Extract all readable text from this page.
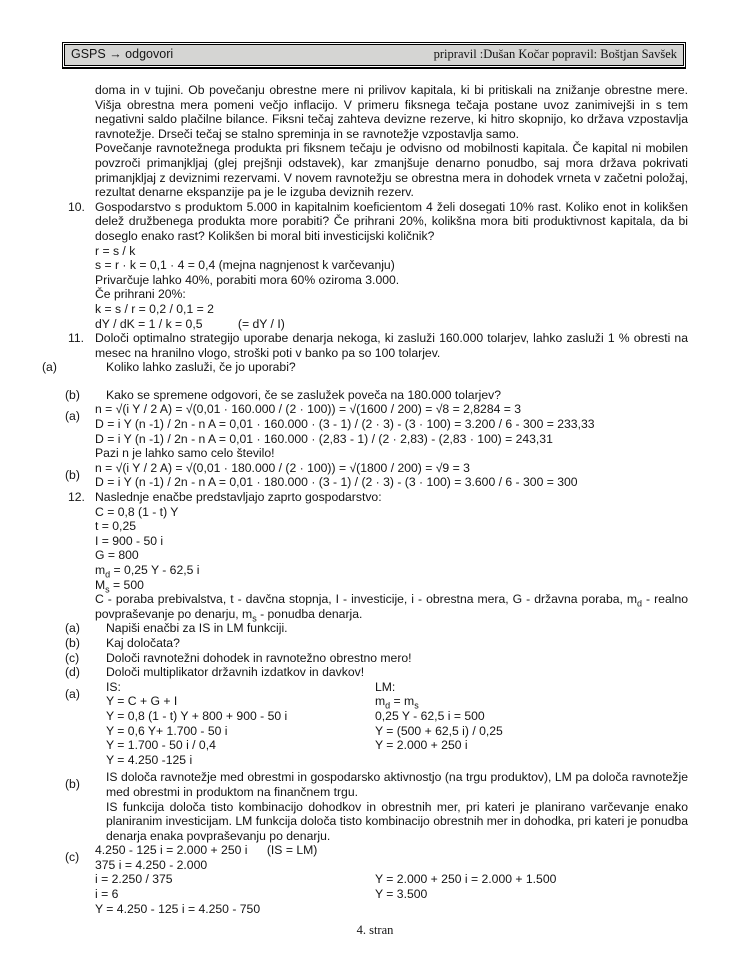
GSPS → odgovori	pripravil :Dušan Kočar popravil: Boštjan Savšek
doma in v tujini. Ob povečanju obrestne mere ni prilivov kapitala, ki bi pritiskali na znižanje obrestne mere. Višja obrestna mera pomeni večjo inflacijo. V primeru fiksnega tečaja postane uvoz zanimivejši in s tem negativni saldo plačilne bilance. Fiksni tečaj zahteva devizne rezerve, ki hitro skopnijo, ko država vzpostavlja ravnotežje. Drseči tečaj se stalno spreminja in se ravnotežje vzpostavlja samo.
Povečanje ravnotežnega produkta pri fiksnem tečaju je odvisno od mobilnosti kapitala. Če kapital ni mobilen povzroči primanjkljaj (glej prejšnji odstavek), kar zmanjšuje denarno ponudbo, saj mora država pokrivati primanjkljaj z deviznimi rezervami. V novem ravnotežju se obrestna mera in dohodek vrneta v začetni položaj, rezultat denarne ekspanzije pa je le izguba deviznih rezerv.
10. Gospodarstvo s produktom 5.000 in kapitalnim koeficientom 4 želi dosegati 10% rast. Koliko enot in kolikšen delež družbenega produkta more porabiti? Če prihrani 20%, kolikšna mora biti produktivnost kapitala, da bi doseglo enako rast? Kolikšen bi moral biti investicijski količnik?
r = s / k
s = r · k = 0,1 · 4 = 0,4 (mejna nagnjenost k varčevanju)
Privarčuje lahko 40%, porabiti mora 60% oziroma 3.000.
Če prihrani 20%:
k = s / r = 0,2 / 0,1 = 2
dY / dK = 1 / k = 0,5	(= dY / I)
11. Določi optimalno strategijo uporabe denarja nekoga, ki zasluži 160.000 tolarjev, lahko zasluži 1 % obresti na mesec na hranilno vlogo, stroški poti v banko pa so 100 tolarjev.
(a)	Koliko lahko zasluži, če jo uporabi?
(b) Kako se spremene odgovori, če se zaslužek poveča na 180.000 tolarjev?
(a) n = √(i Y / 2 A) = √(0,01 · 160.000 / (2 · 100)) = √(1600 / 200) = √8 = 2,8284 = 3
D = i Y (n -1) / 2n - n A = 0,01 · 160.000 · (3 - 1) / (2 · 3) - (3 · 100) = 3.200 / 6 - 300 = 233,33
D = i Y (n -1) / 2n - n A = 0,01 · 160.000 · (2,83 - 1) / (2 · 2,83) - (2,83 · 100) = 243,31
Pazi n je lahko samo celo število!
(b) n = √(i Y / 2 A) = √(0,01 · 180.000 / (2 · 100)) = √(1800 / 200) = √9 = 3
D = i Y (n -1) / 2n - n A = 0,01 · 180.000 · (3 - 1) / (2 · 3) - (3 · 100) = 3.600 / 6 - 300 = 300
12. Naslednje enačbe predstavljajo zaprto gospodarstvo:
C = 0,8 (1 - t) Y
t = 0,25
I = 900 - 50 i
G = 800
$m_d = 0,25$ Y - 62,5 i
$M_s = 500$
C - poraba prebivalstva, t - davčna stopnja, I - investicije, i - obrestna mera, G - državna poraba, $m_d$ - realno povpraševanje po denarju, $m_s$ - ponudba denarja.
(a) Napiši enačbi za IS in LM funkciji.
(b) Kaj določata?
(c) Določi ravnotežni dohodek in ravnotežno obrestno mero!
(d) Določi multiplikator državnih izdatkov in davkov!
(a) IS:
Y = C + G + I
Y = 0,8 (1 - t) Y + 800 + 900 - 50 i
Y = 0,6 Y+ 1.700 - 50 i
Y = 1.700 - 50 i / 0,4
Y = 4.250 -125 i
LM:
$m_d = m_s$
0,25 Y - 62,5 i = 500
Y = (500 + 62,5 i) / 0,25
Y = 2.000 + 250 i
(b) IS določa ravnotežje med obrestmi in gospodarsko aktivnostjo (na trgu produktov), LM pa določa ravnotežje med obrestmi in produktom na finančnem trgu.
IS funkcija določa tisto kombinacijo dohodkov in obrestnih mer, pri kateri je planirano varčevanje enako planiranim investicijam. LM funkcija določa tisto kombinacijo obrestnih mer in dohodka, pri kateri je ponudba denarja enaka povpraševanju po denarju.
(c) 4.250 - 125 i = 2.000 + 250 i (IS = LM)
375 i = 4.250 - 2.000
i = 2.250 / 375
i = 6
Y = 2.000 + 250 i = 2.000 + 1.500
Y = 3.500
Y = 4.250 - 125 i = 4.250 - 750
4. stran
